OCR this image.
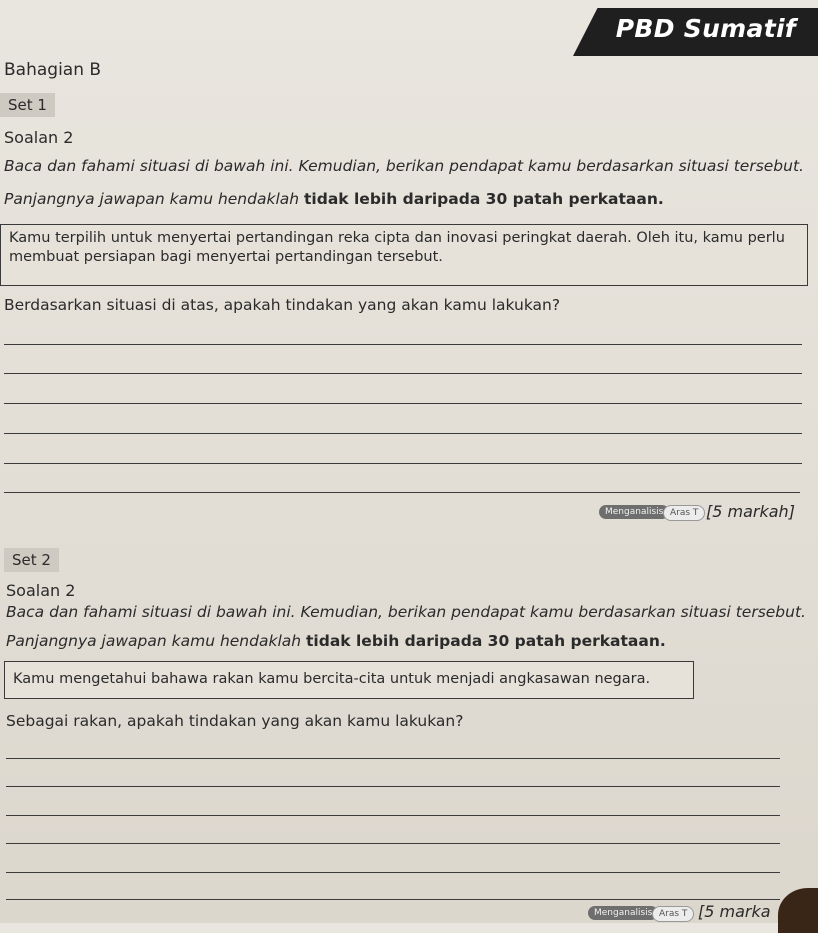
PBD Sumatif
Bahagian B
Set 1
Soalan 2
Baca dan fahami situasi di bawah ini. Kemudian, berikan pendapat kamu berdasarkan situasi tersebut.
Panjangnya jawapan kamu hendaklah tidak lebih daripada 30 patah perkataan.
Kamu terpilih untuk menyertai pertandingan reka cipta dan inovasi peringkat daerah. Oleh itu, kamu perlu membuat persiapan bagi menyertai pertandingan tersebut.
Berdasarkan situasi di atas, apakah tindakan yang akan kamu lakukan?
Menganalisis Aras T [5 markah]
Set 2
Soalan 2
Baca dan fahami situasi di bawah ini. Kemudian, berikan pendapat kamu berdasarkan situasi tersebut.
Panjangnya jawapan kamu hendaklah tidak lebih daripada 30 patah perkataan.
Kamu mengetahui bahawa rakan kamu bercita-cita untuk menjadi angkasawan negara.
Sebagai rakan, apakah tindakan yang akan kamu lakukan?
Menganalisis Aras T [5 marka
